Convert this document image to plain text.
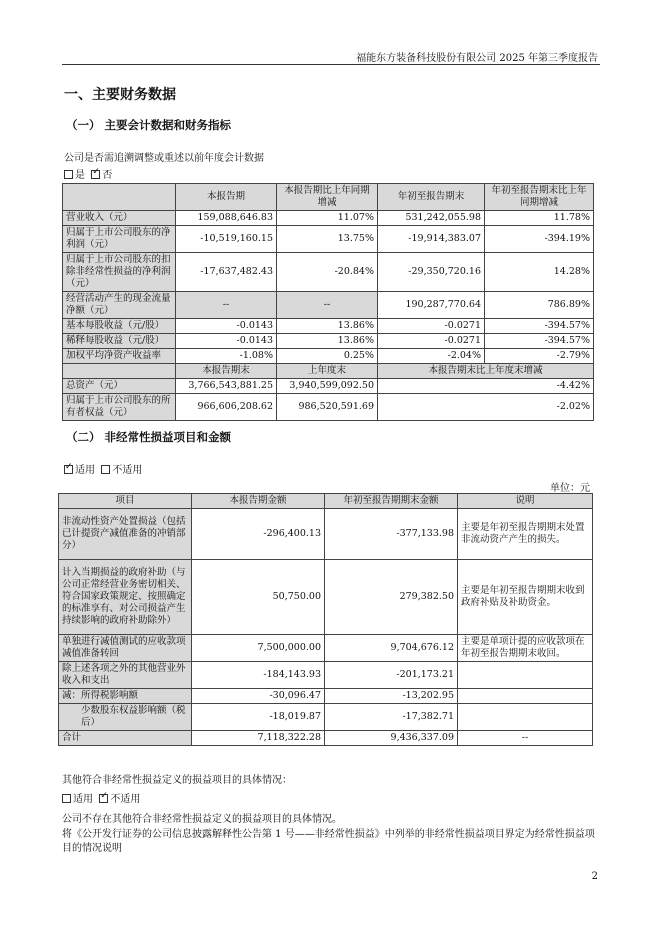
福能东方装备科技股份有限公司 2025 年第三季度报告
一、主要财务数据
（一） 主要会计数据和财务指标
公司是否需追溯调整或重述以前年度会计数据
是 ✓ 否
	本报告期	本报告期比上年同期增减	年初至报告期末	年初至报告期末比上年同期增减
营业收入（元）	159,088,646.83	11.07%	531,242,055.98	11.78%
归属于上市公司股东的净利润（元）	-10,519,160.15	13.75%	-19,914,383.07	-394.19%
归属于上市公司股东的扣除非经常性损益的净利润（元）	-17,637,482.43	-20.84%	-29,350,720.16	14.28%
经营活动产生的现金流量净额（元）	--	--	190,287,770.64	786.89%
基本每股收益（元/股）	-0.0143	13.86%	-0.0271	-394.57%
稀释每股收益（元/股）	-0.0143	13.86%	-0.0271	-394.57%
加权平均净资产收益率	-1.08%	0.25%	-2.04%	-2.79%
	本报告期末	上年度末	本报告期末比上年度末增减	
总资产（元）	3,766,543,881.25	3,940,599,092.50	-4.42%	
归属于上市公司股东的所有者权益（元）	966,606,208.62	986,520,591.69	-2.02%	
（二） 非经常性损益项目和金额
✓适用 不适用
单位：元
项目	本报告期金额	年初至报告期期末金额	说明
非流动性资产处置损益（包括已计提资产减值准备的冲销部分）	-296,400.13	-377,133.98	主要是年初至报告期期末处置非流动资产产生的损失。
计入当期损益的政府补助（与公司正常经营业务密切相关、符合国家政策规定、按照确定的标准享有、对公司损益产生持续影响的政府补助除外）	50,750.00	279,382.50	主要是年初至报告期期末收到政府补贴及补助资金。
单独进行减值测试的应收款项减值准备转回	7,500,000.00	9,704,676.12	主要是单项计提的应收款项在年初至报告期期末收回。
除上述各项之外的其他营业外收入和支出	-184,143.93	-201,173.21	
减：所得税影响额	-30,096.47	-13,202.95	
少数股东权益影响额（税后）	-18,019.87	-17,382.71	
合计	7,118,322.28	9,436,337.09	--
其他符合非经常性损益定义的损益项目的具体情况：
适用 ✓ 不适用
公司不存在其他符合非经常性损益定义的损益项目的具体情况。
将《公开发行证券的公司信息披露解释性公告第 1 号——非经常性损益》中列举的非经常性损益项目界定为经常性损益项目的情况说明
2
